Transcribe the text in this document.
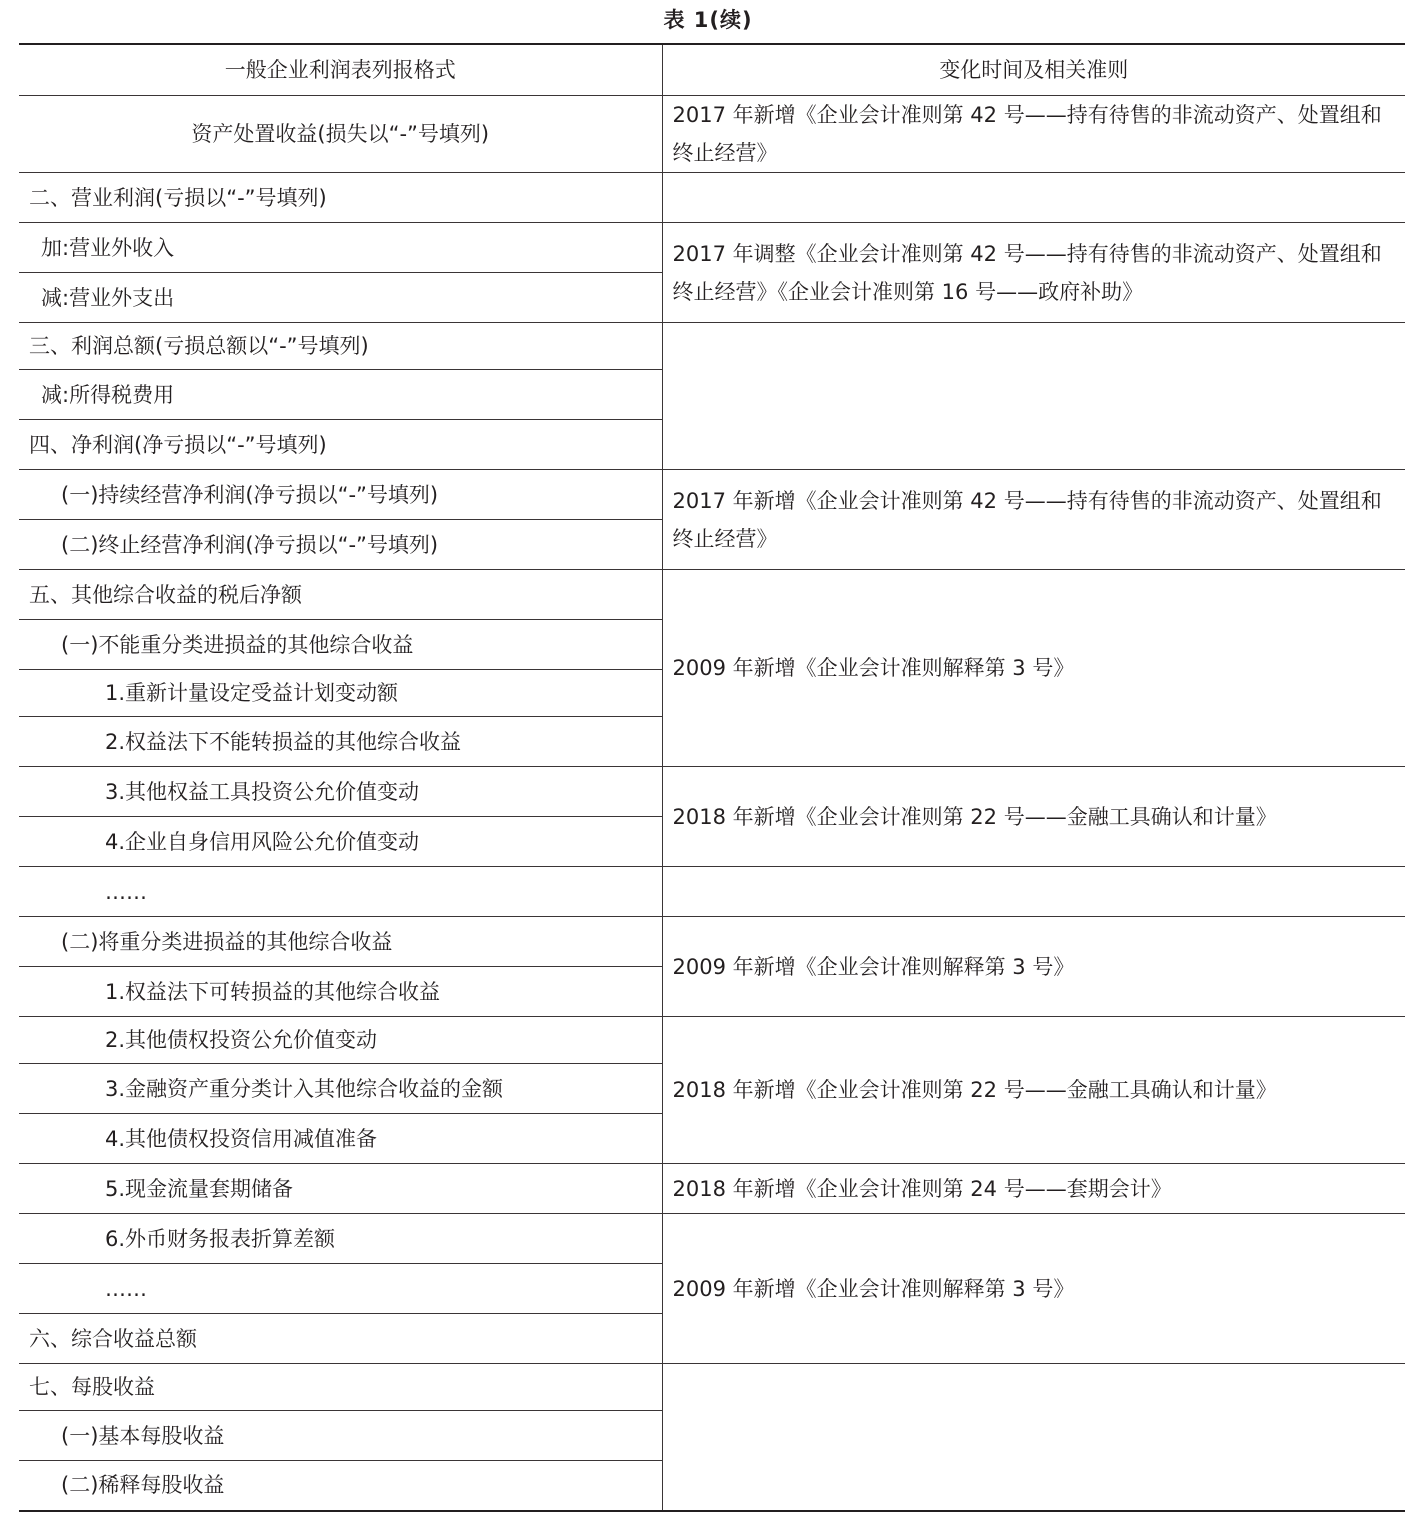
表 1(续)
一般企业利润表列报格式	变化时间及相关准则
资产处置收益(损失以“-”号填列)	2017 年新增《企业会计准则第 42 号——持有待售的非流动资产、处置组和终止经营》
二、营业利润(亏损以“-”号填列)	
加:营业外收入	2017 年调整《企业会计准则第 42 号——持有待售的非流动资产、处置组和终止经营》《企业会计准则第 16 号——政府补助》
减:营业外支出	
三、利润总额(亏损总额以“-”号填列)	
减:所得税费用	
四、净利润(净亏损以“-”号填列)	
(一)持续经营净利润(净亏损以“-”号填列)	2017 年新增《企业会计准则第 42 号——持有待售的非流动资产、处置组和终止经营》
(二)终止经营净利润(净亏损以“-”号填列)	
五、其他综合收益的税后净额	2009 年新增《企业会计准则解释第 3 号》
(一)不能重分类进损益的其他综合收益	
1.重新计量设定受益计划变动额	
2.权益法下不能转损益的其他综合收益	
3.其他权益工具投资公允价值变动	2018 年新增《企业会计准则第 22 号——金融工具确认和计量》
4.企业自身信用风险公允价值变动	
……	
(二)将重分类进损益的其他综合收益	2009 年新增《企业会计准则解释第 3 号》
1.权益法下可转损益的其他综合收益	
2.其他债权投资公允价值变动	2018 年新增《企业会计准则第 22 号——金融工具确认和计量》
3.金融资产重分类计入其他综合收益的金额	
4.其他债权投资信用减值准备	
5.现金流量套期储备	2018 年新增《企业会计准则第 24 号——套期会计》
6.外币财务报表折算差额	2009 年新增《企业会计准则解释第 3 号》
……	
六、综合收益总额	
七、每股收益	
(一)基本每股收益	
(二)稀释每股收益	
